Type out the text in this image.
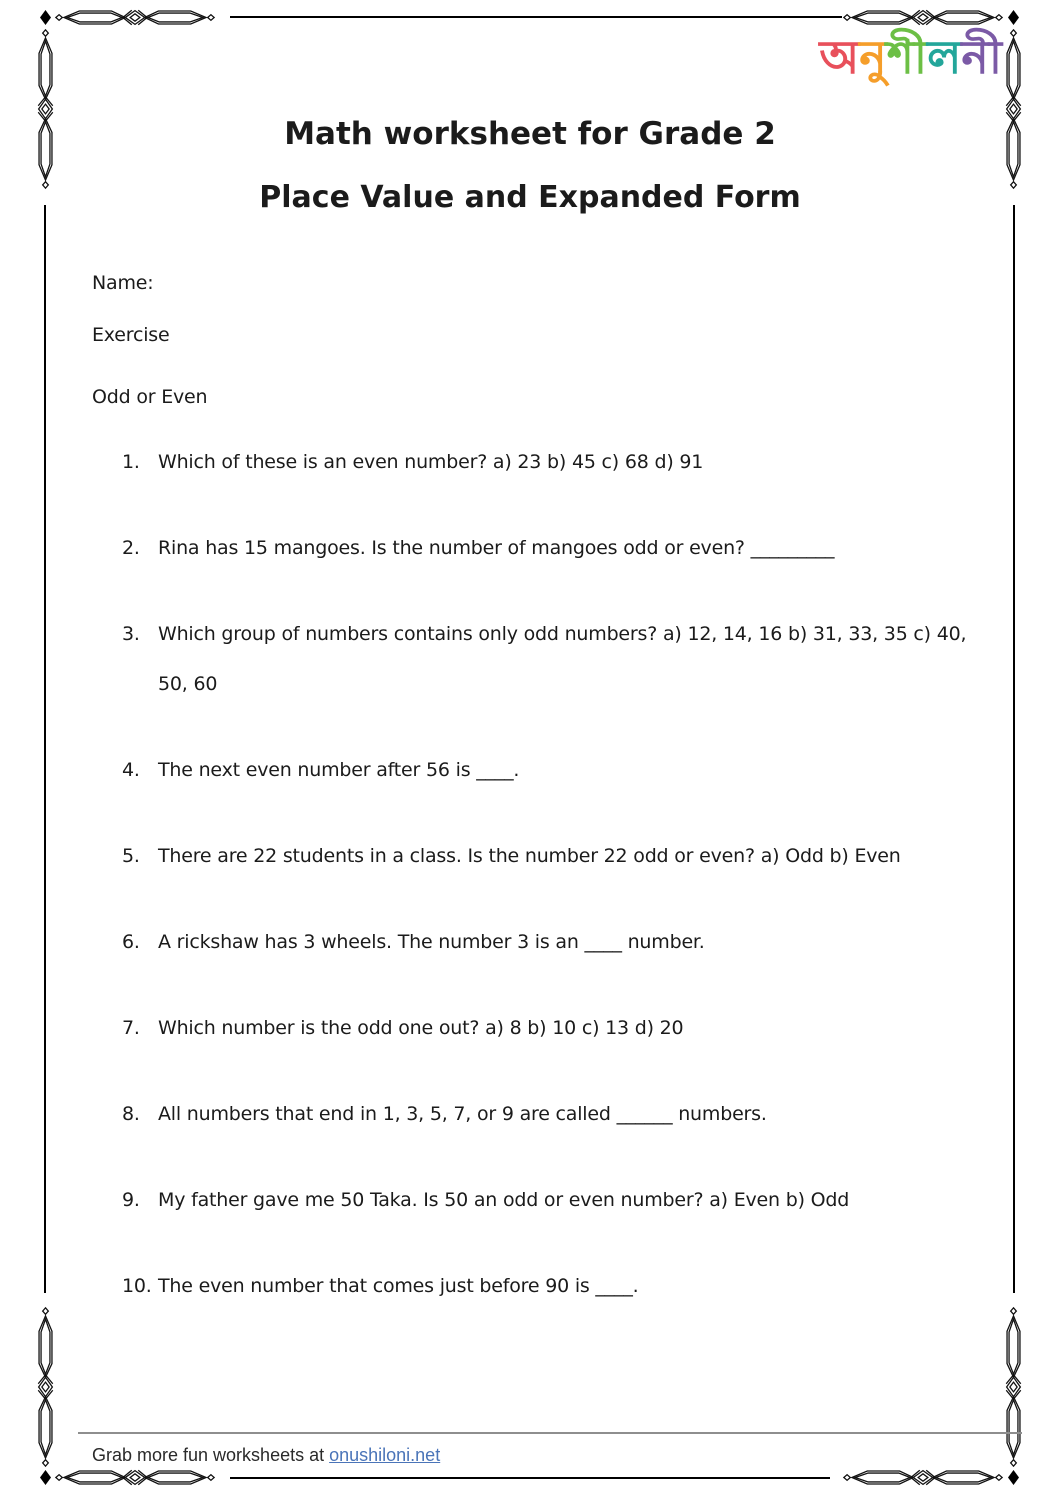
অনুশীলনী
Math worksheet for Grade 2
Place Value and Expanded Form

Name:

Exercise

Odd or Even

1. Which of these is an even number? a) 23 b) 45 c) 68 d) 91
2. Rina has 15 mangoes. Is the number of mangoes odd or even? _________
3. Which group of numbers contains only odd numbers? a) 12, 14, 16 b) 31, 33, 35 c) 40, 50, 60
4. The next even number after 56 is ____.
5. There are 22 students in a class. Is the number 22 odd or even? a) Odd b) Even
6. A rickshaw has 3 wheels. The number 3 is an ____ number.
7. Which number is the odd one out? a) 8 b) 10 c) 13 d) 20
8. All numbers that end in 1, 3, 5, 7, or 9 are called ______ numbers.
9. My father gave me 50 Taka. Is 50 an odd or even number? a) Even b) Odd
10. The even number that comes just before 90 is ____.
Grab more fun worksheets at onushiloni.net
